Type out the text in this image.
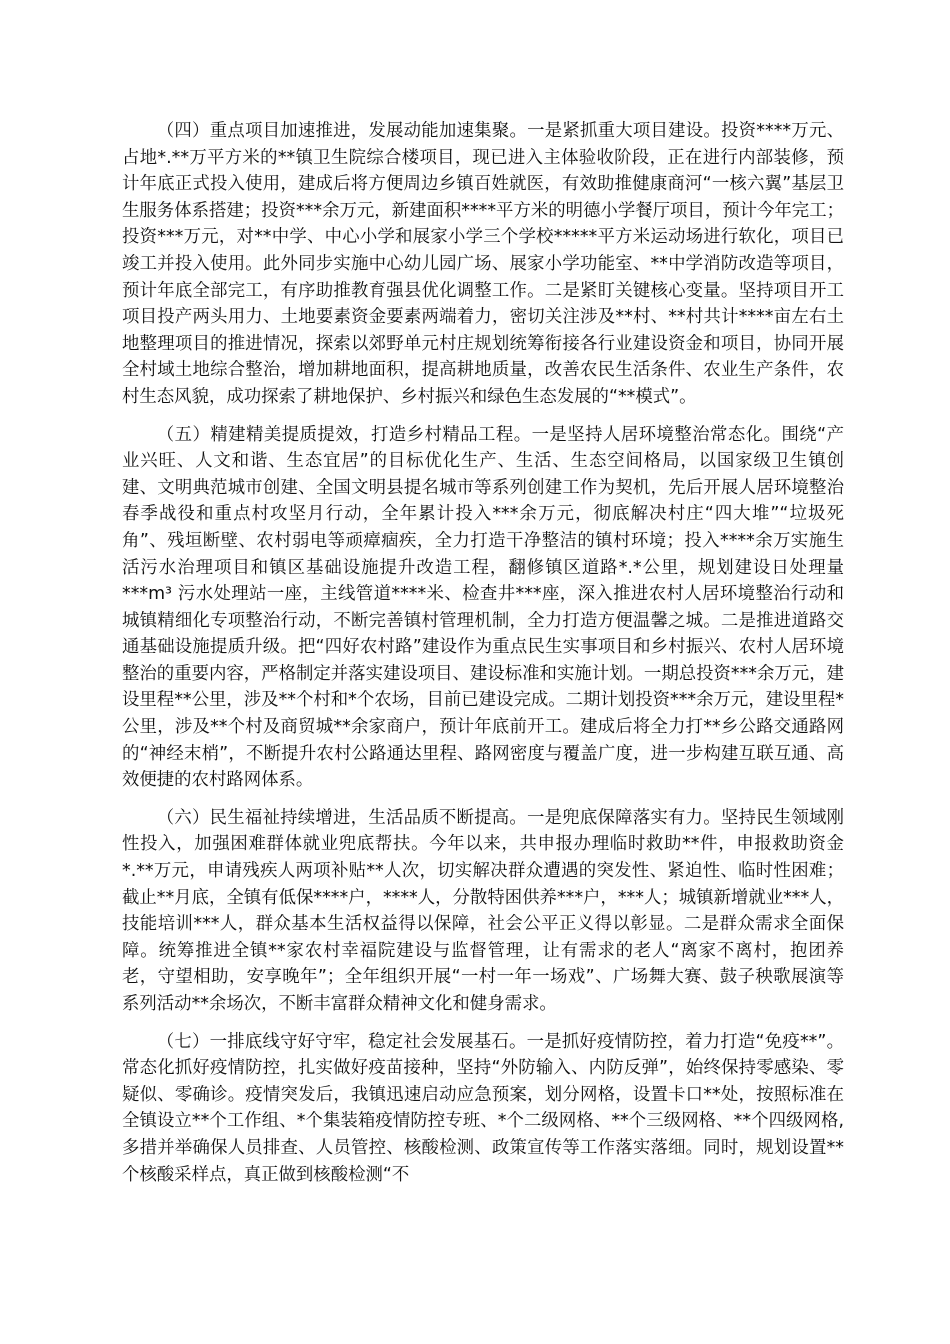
（四）重点项目加速推进，发展动能加速集聚。一是紧抓重大项目建设。投资****万元、占地*.**万平方米的**镇卫生院综合楼项目，现已进入主体验收阶段，正在进行内部装修，预计年底正式投入使用，建成后将方便周边乡镇百姓就医，有效助推健康商河“一核六翼”基层卫生服务体系搭建；投资***余万元，新建面积****平方米的明德小学餐厅项目，预计今年完工；投资***万元，对**中学、中心小学和展家小学三个学校*****平方米运动场进行软化，项目已竣工并投入使用。此外同步实施中心幼儿园广场、展家小学功能室、**中学消防改造等项目，预计年底全部完工，有序助推教育强县优化调整工作。二是紧盯关键核心变量。坚持项目开工项目投产两头用力、土地要素资金要素两端着力，密切关注涉及**村、**村共计****亩左右土地整理项目的推进情况，探索以郊野单元村庄规划统筹衔接各行业建设资金和项目，协同开展全村域土地综合整治，增加耕地面积，提高耕地质量，改善农民生活条件、农业生产条件，农村生态风貌，成功探索了耕地保护、乡村振兴和绿色生态发展的“**模式”。

（五）精建精美提质提效，打造乡村精品工程。一是坚持人居环境整治常态化。围绕“产业兴旺、人文和谐、生态宜居”的目标优化生产、生活、生态空间格局，以国家级卫生镇创建、文明典范城市创建、全国文明县提名城市等系列创建工作为契机，先后开展人居环境整治春季战役和重点村攻坚月行动，全年累计投入***余万元，彻底解决村庄“四大堆”“垃圾死角”、残垣断壁、农村弱电等顽瘴痼疾，全力打造干净整洁的镇村环境；投入****余万实施生活污水治理项目和镇区基础设施提升改造工程，翻修镇区道路*.*公里，规划建设日处理量***m³ 污水处理站一座，主线管道****米、检查井***座，深入推进农村人居环境整治行动和城镇精细化专项整治行动，不断完善镇村管理机制，全力打造方便温馨之城。二是推进道路交通基础设施提质升级。把“四好农村路”建设作为重点民生实事项目和乡村振兴、农村人居环境整治的重要内容，严格制定并落实建设项目、建设标准和实施计划。一期总投资***余万元，建设里程**公里，涉及**个村和*个农场，目前已建设完成。二期计划投资***余万元，建设里程*公里，涉及**个村及商贸城**余家商户，预计年底前开工。建成后将全力打**乡公路交通路网的“神经末梢”，不断提升农村公路通达里程、路网密度与覆盖广度，进一步构建互联互通、高效便捷的农村路网体系。

（六）民生福祉持续增进，生活品质不断提高。一是兜底保障落实有力。坚持民生领域刚性投入，加强困难群体就业兜底帮扶。今年以来，共申报办理临时救助**件，申报救助资金*.**万元，申请残疾人两项补贴**人次，切实解决群众遭遇的突发性、紧迫性、临时性困难；截止**月底，全镇有低保****户，****人，分散特困供养***户，***人；城镇新增就业***人，技能培训***人，群众基本生活权益得以保障，社会公平正义得以彰显。二是群众需求全面保障。统筹推进全镇**家农村幸福院建设与监督管理，让有需求的老人“离家不离村，抱团养老，守望相助，安享晚年”；全年组织开展“一村一年一场戏”、广场舞大赛、鼓子秧歌展演等系列活动**余场次，不断丰富群众精神文化和健身需求。

（七）一排底线守好守牢，稳定社会发展基石。一是抓好疫情防控，着力打造“免疫**”。常态化抓好疫情防控，扎实做好疫苗接种，坚持“外防输入、内防反弹”，始终保持零感染、零疑似、零确诊。疫情突发后，我镇迅速启动应急预案，划分网格，设置卡口**处，按照标准在全镇设立**个工作组、*个集装箱疫情防控专班、*个二级网格、**个三级网格、**个四级网格,多措并举确保人员排查、人员管控、核酸检测、政策宣传等工作落实落细。同时，规划设置**个核酸采样点，真正做到核酸检测“不
